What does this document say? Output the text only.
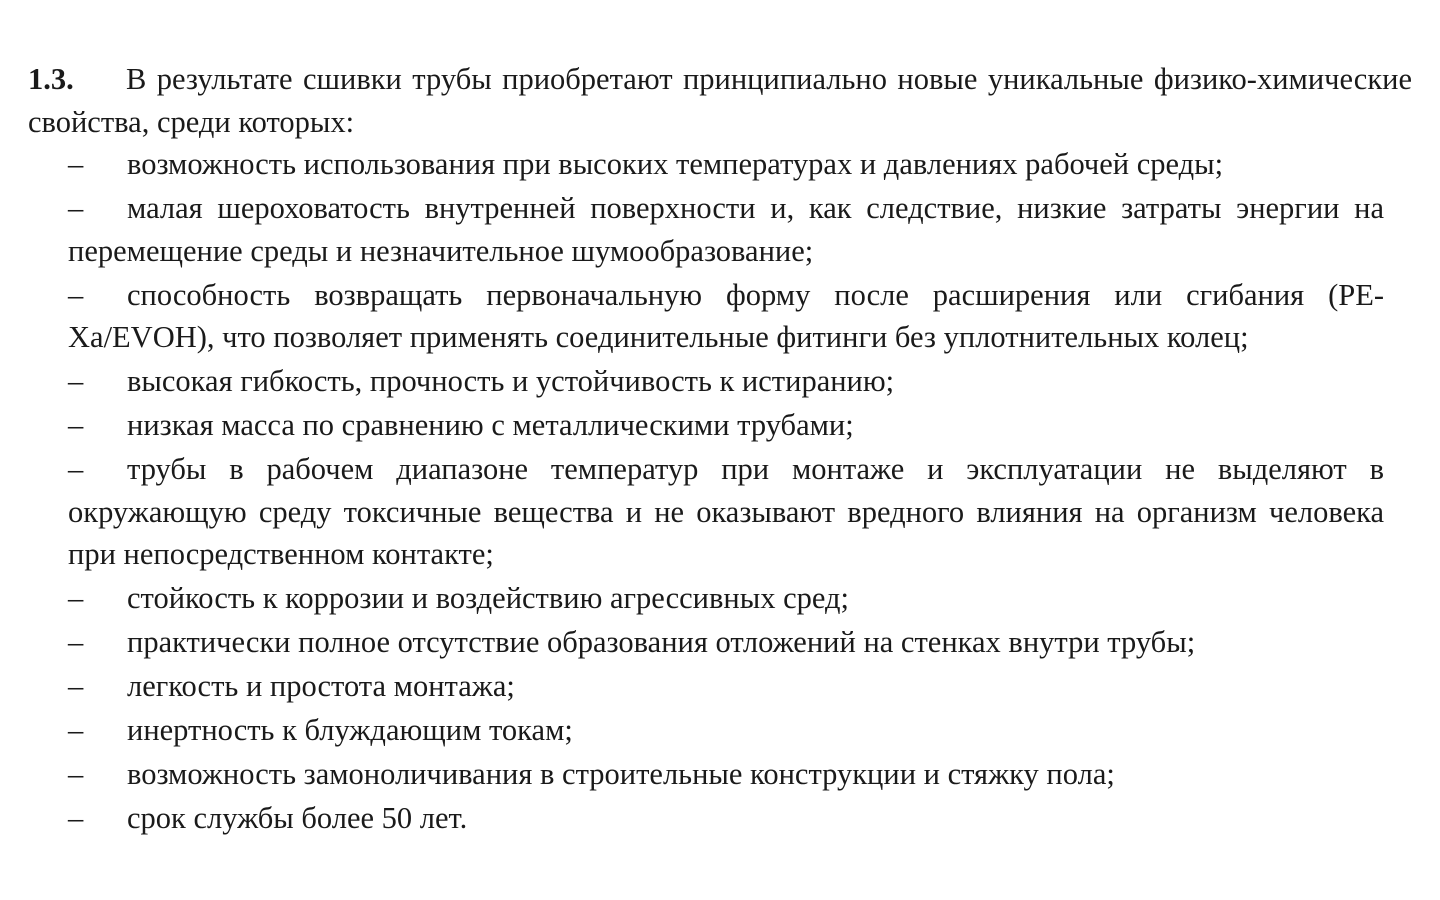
1.3. В результате сшивки трубы приобретают принципиально новые уникальные физико-химические свойства, среди которых:

– возможность использования при высоких температурах и давлениях рабочей среды;
– малая шероховатость внутренней поверхности и, как следствие, низкие затраты энергии на перемещение среды и незначительное шумообразование;
– способность возвращать первоначальную форму после расширения или сгибания (PE-Xa/EVOH), что позволяет применять соединительные фитинги без уплотнительных колец;
– высокая гибкость, прочность и устойчивость к истиранию;
– низкая масса по сравнению с металлическими трубами;
– трубы в рабочем диапазоне температур при монтаже и эксплуатации не выделяют в окружающую среду токсичные вещества и не оказывают вредного влияния на организм человека при непосредственном контакте;
– стойкость к коррозии и воздействию агрессивных сред;
– практически полное отсутствие образования отложений на стенках внутри трубы;
– легкость и простота монтажа;
– инертность к блуждающим токам;
– возможность замоноличивания в строительные конструкции и стяжку пола;
– срок службы более 50 лет.
